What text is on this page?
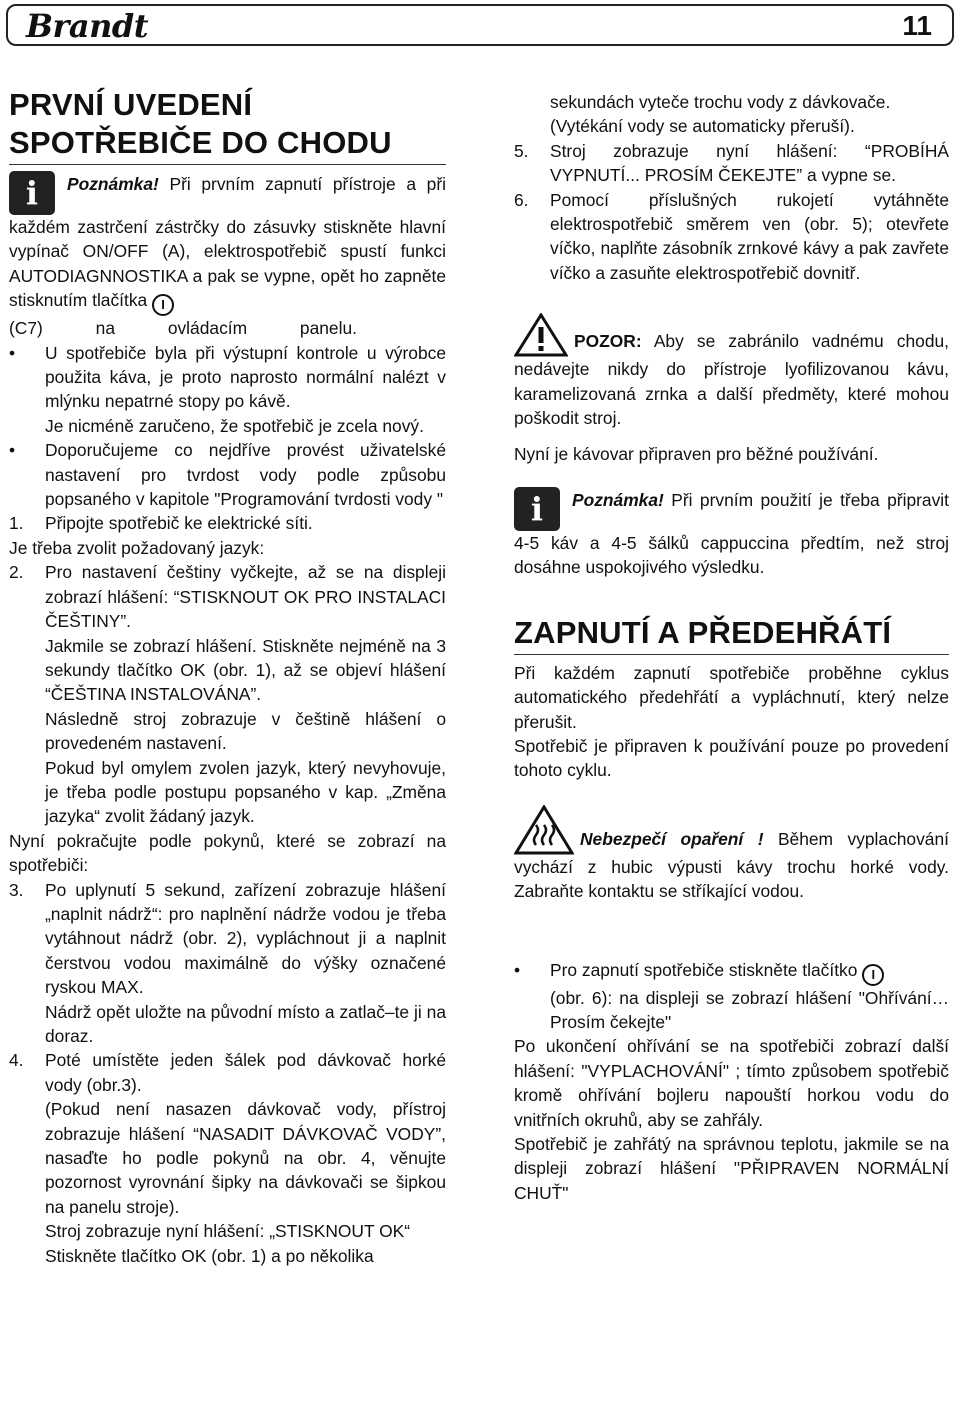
Brandt	11
PRVNÍ UVEDENÍ
SPOTŘEBIČE DO CHODU

i Poznámka! Při prvním zapnutí přístroje a při každém zastrčení zástrčky do zásuvky stiskněte hlavní vypínač ON/OFF (A), elektrospotřebič spustí funkci AUTODIAGNNOSTIKA a pak se vypne, opět ho zapněte stisknutím tlačítka I

(C7) na ovládacím panelu.

• U spotřebiče byla při výstupní kontrole u výrobce použita káva, je proto naprosto normální nalézt v mlýnku nepatrné stopy po kávě.

Je nicméně zaručeno, že spotřebič je zcela nový.

• Doporučujeme co nejdříve provést uživatelské nastavení pro tvrdost vody podle způsobu popsaného v kapitole "Programování tvrdosti vody "

1. Připojte spotřebič ke elektrické síti.

Je třeba zvolit požadovaný jazyk:

2. Pro nastavení češtiny vyčkejte, až se na displeji zobrazí hlášení: “STISKNOUT OK PRO INSTALACI ČEŠTINY”.

Jakmile se zobrazí hlášení. Stiskněte nejméně na 3 sekundy tlačítko OK (obr. 1), až se objeví hlášení “ČEŠTINA INSTALOVÁNA”.

Následně stroj zobrazuje v češtině hlášení o provedeném nastavení.

Pokud byl omylem zvolen jazyk, který nevyhovuje, je třeba podle postupu popsaného v kap. „Změna jazyka“ zvolit žádaný jazyk.

Nyní pokračujte podle pokynů, které se zobrazí na spotřebiči:

3. Po uplynutí 5 sekund, zařízení zobrazuje hlášení „naplnit nádrž“: pro naplnění nádrže vodou je třeba vytáhnout nádrž (obr. 2), vypláchnout ji a naplnit čerstvou vodou maximálně do výšky označené ryskou MAX.

Nádrž opět uložte na původní místo a zatlač–te ji na doraz.

4. Poté umístěte jeden šálek pod dávkovač horké vody (obr.3).

(Pokud není nasazen dávkovač vody, přístroj zobrazuje hlášení “NASADIT DÁVKOVAČ VODY”, nasaďte ho podle pokynů na obr. 4, věnujte pozornost vyrovnání šipky na dávkovači se šipkou na panelu stroje).

Stroj zobrazuje nyní hlášení: „STISKNOUT OK“

Stiskněte tlačítko OK (obr. 1) a po několika

sekundách vyteče trochu vody z dávkovače. (Vytékání vody se automaticky přeruší).

5. Stroj zobrazuje nyní hlášení: “PROBÍHÁ VYPNUTÍ... PROSÍM ČEKEJTE” a vypne se.

6. Pomocí příslušných rukojetí vytáhněte elektrospotřebič směrem ven (obr. 5); otevřete víčko, naplňte zásobník zrnkové kávy a pak zavřete víčko a zasuňte elektrospotřebič dovnitř.

POZOR: Aby se zabránilo vadnému chodu, nedávejte nikdy do přístroje lyofilizovanou kávu, karamelizovaná zrnka a další předměty, které mohou poškodit stroj.

Nyní je kávovar připraven pro běžné používání.

i Poznámka! Při prvním použití je třeba připravit 4-5 káv a 4-5 šálků cappuccina předtím, než stroj dosáhne uspokojivého výsledku.

ZAPNUTÍ A PŘEDEHŘÁTÍ

Při každém zapnutí spotřebiče proběhne cyklus automatického předehřátí a vypláchnutí, který nelze přerušit.

Spotřebič je připraven k používání pouze po provedení tohoto cyklu.

Nebezpečí opaření ! Během vyplachování vychází z hubic výpusti kávy trochu horké vody. Zabraňte kontaktu se stříkající vodou.

• Pro zapnutí spotřebiče stiskněte tlačítko I

(obr. 6): na displeji se zobrazí hlášení "Ohřívání…Prosím čekejte"

Po ukončení ohřívání se na spotřebiči zobrazí další hlášení: "VYPLACHOVÁNÍ" ; tímto způsobem spotřebič kromě ohřívání bojleru napouští horkou vodu do vnitřních okruhů, aby se zahřály.

Spotřebič je zahřátý na správnou teplotu, jakmile se na displeji zobrazí hlášení "PŘIPRAVEN NORMÁLNÍ CHUŤ"
